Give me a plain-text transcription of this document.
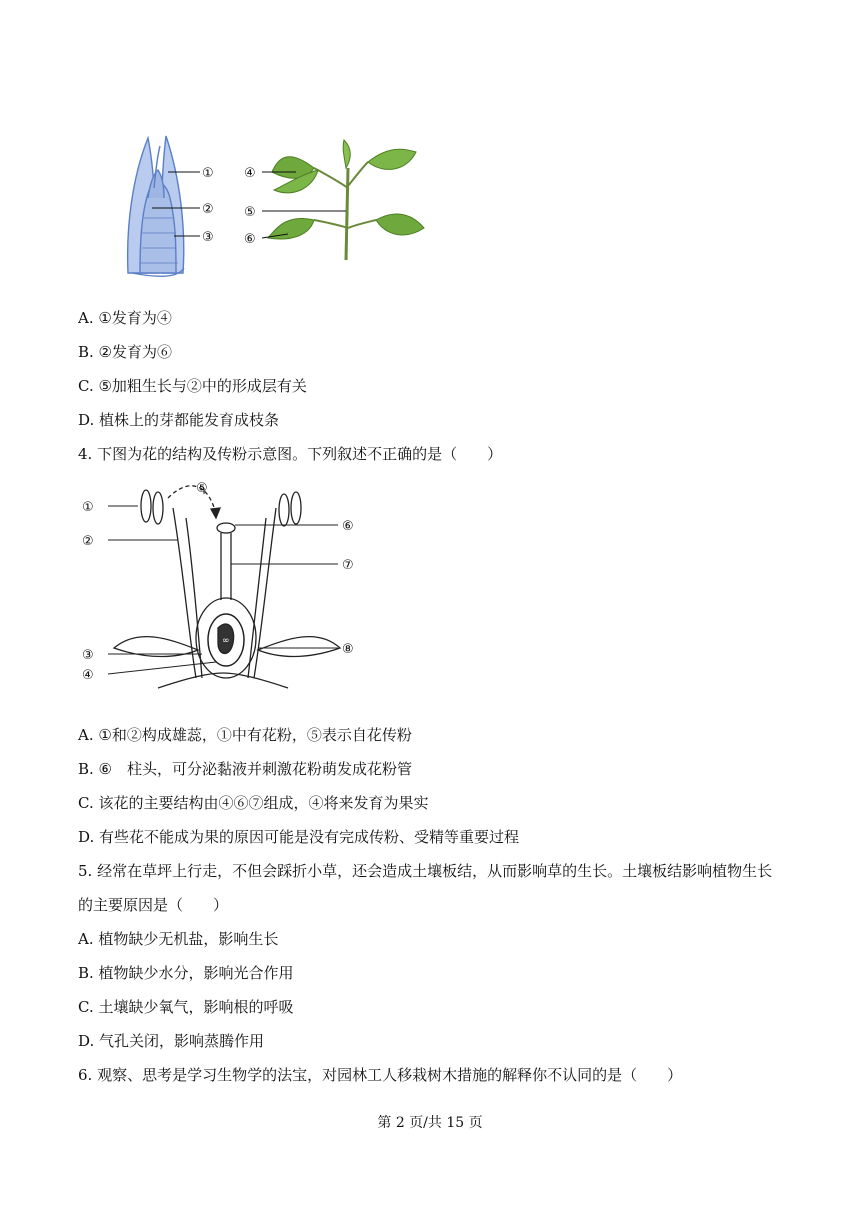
①
②
③
④
⑤
⑥
A. ①发育为④
B. ②发育为⑥
C. ⑤加粗生长与②中的形成层有关
D. 植株上的芽都能发育成枝条
4. 下图为花的结构及传粉示意图。下列叙述不正确的是（　　）
∞
①
②
③
④
⑤
⑥
⑦
⑧
A. ①和②构成雄蕊，①中有花粉，⑤表示自花传粉
B. ⑥　柱头，可分泌黏液并刺激花粉萌发成花粉管
C. 该花的主要结构由④⑥⑦组成，④将来发育为果实
D. 有些花不能成为果的原因可能是没有完成传粉、受精等重要过程
5. 经常在草坪上行走，不但会踩折小草，还会造成土壤板结，从而影响草的生长。土壤板结影响植物生长
的主要原因是（　　）
A. 植物缺少无机盐，影响生长
B. 植物缺少水分，影响光合作用
C. 土壤缺少氧气，影响根的呼吸
D. 气孔关闭，影响蒸腾作用
6. 观察、思考是学习生物学的法宝，对园林工人移栽树木措施的解释你不认同的是（　　）
第 2 页/共 15 页
